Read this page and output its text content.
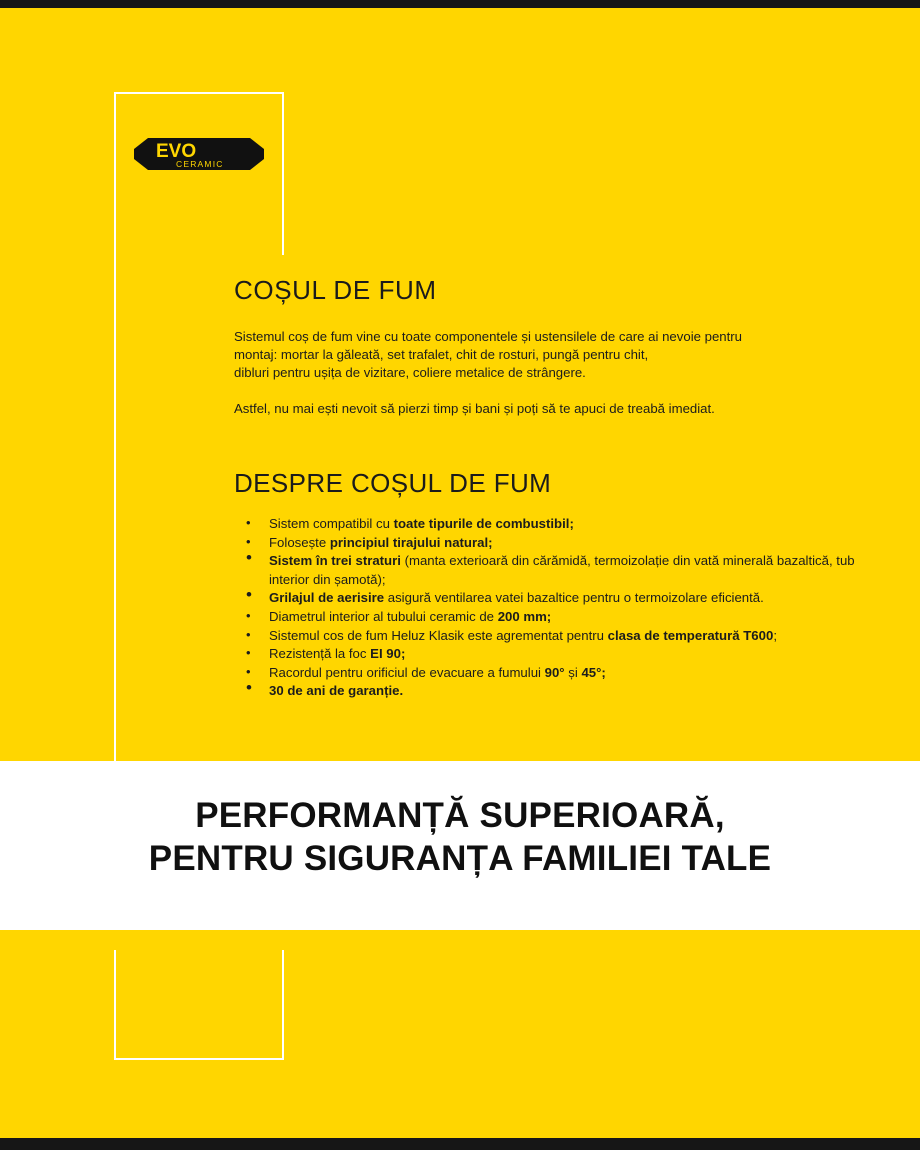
EVO
CERAMIC
COȘUL DE FUM

Sistemul coș de fum vine cu toate componentele și ustensilele de care ai nevoie pentru

montaj: mortar la găleată, set trafalet, chit de rosturi, pungă pentru chit,

dibluri pentru ușița de vizitare, coliere metalice de strângere.

Astfel, nu mai ești nevoit să pierzi timp și bani și poți să te apuci de treabă imediat.

DESPRE COȘUL DE FUM
• Sistem compatibil cu toate tipurile de combustibil;
• Folosește principiul tirajului natural;
• Sistem în trei straturi (manta exterioară din cărămidă, termoizolație din vată minerală bazaltică, tub interior din șamotă);
• Grilajul de aerisire asigură ventilarea vatei bazaltice pentru o termoizolare eficientă.
• Diametrul interior al tubului ceramic de 200 mm;
• Sistemul cos de fum Heluz Klasik este agrementat pentru clasa de temperatură T600;
• Rezistență la foc EI 90;
• Racordul pentru orificiul de evacuare a fumului 90° și 45°;
• 30 de ani de garanție.
PERFORMANȚĂ SUPERIOARĂ,
PENTRU SIGURANȚA FAMILIEI TALE
